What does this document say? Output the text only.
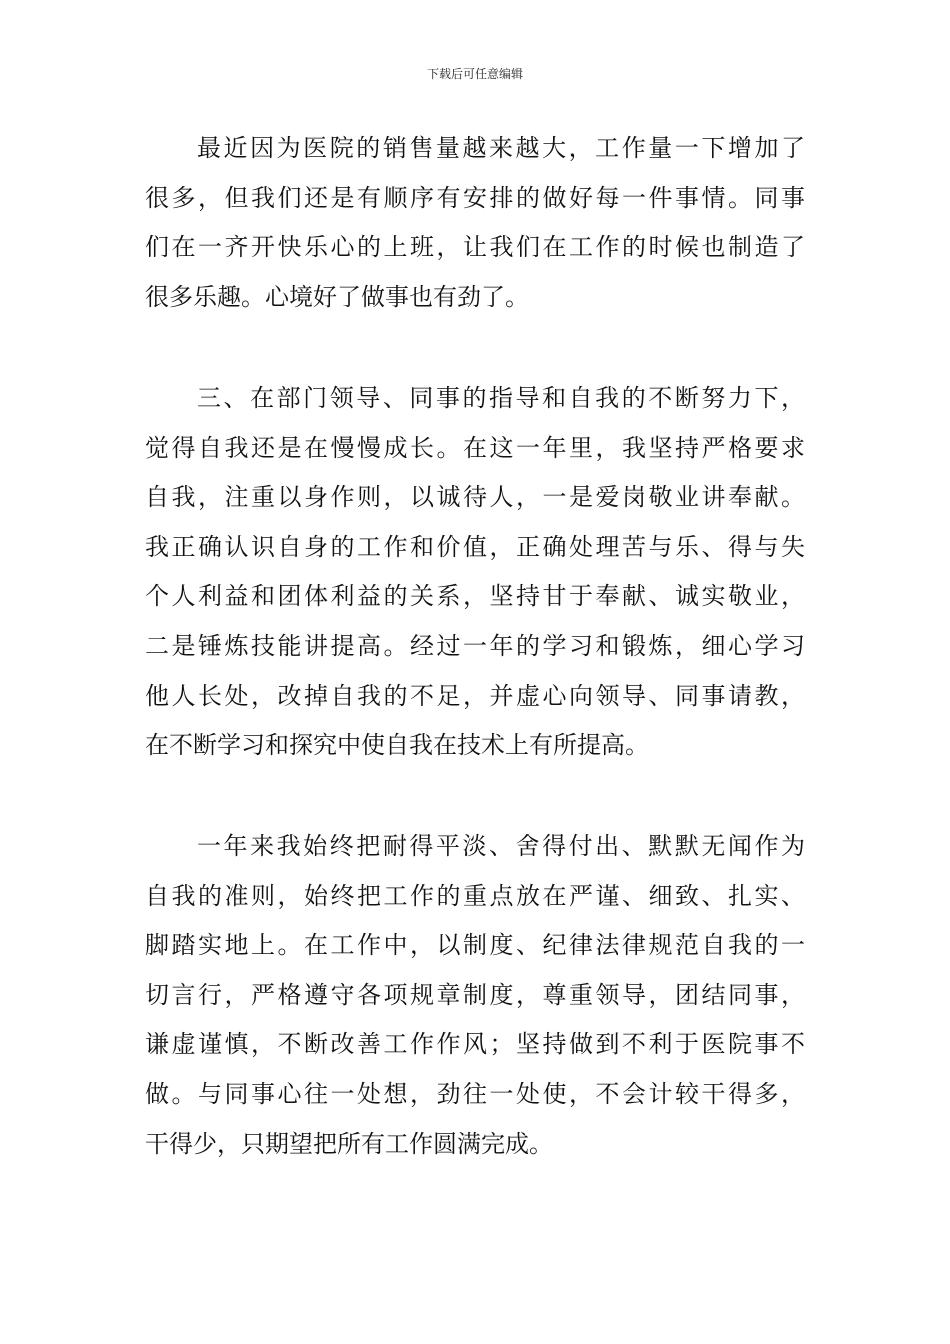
下载后可任意编辑
最近因为医院的销售量越来越大，工作量一下增加了
很多，但我们还是有顺序有安排的做好每一件事情。同事
们在一齐开快乐心的上班，让我们在工作的时候也制造了
很多乐趣。心境好了做事也有劲了。
三、在部门领导、同事的指导和自我的不断努力下，
觉得自我还是在慢慢成长。在这一年里，我坚持严格要求
自我，注重以身作则，以诚待人，一是爱岗敬业讲奉献。
我正确认识自身的工作和价值，正确处理苦与乐、得与失
个人利益和团体利益的关系，坚持甘于奉献、诚实敬业，
二是锤炼技能讲提高。经过一年的学习和锻炼，细心学习
他人长处，改掉自我的不足，并虚心向领导、同事请教，
在不断学习和探究中使自我在技术上有所提高。
一年来我始终把耐得平淡、舍得付出、默默无闻作为
自我的准则，始终把工作的重点放在严谨、细致、扎实、
脚踏实地上。在工作中，以制度、纪律法律规范自我的一
切言行，严格遵守各项规章制度，尊重领导，团结同事，
谦虚谨慎，不断改善工作作风；坚持做到不利于医院事不
做。与同事心往一处想，劲往一处使，不会计较干得多，
干得少，只期望把所有工作圆满完成。
